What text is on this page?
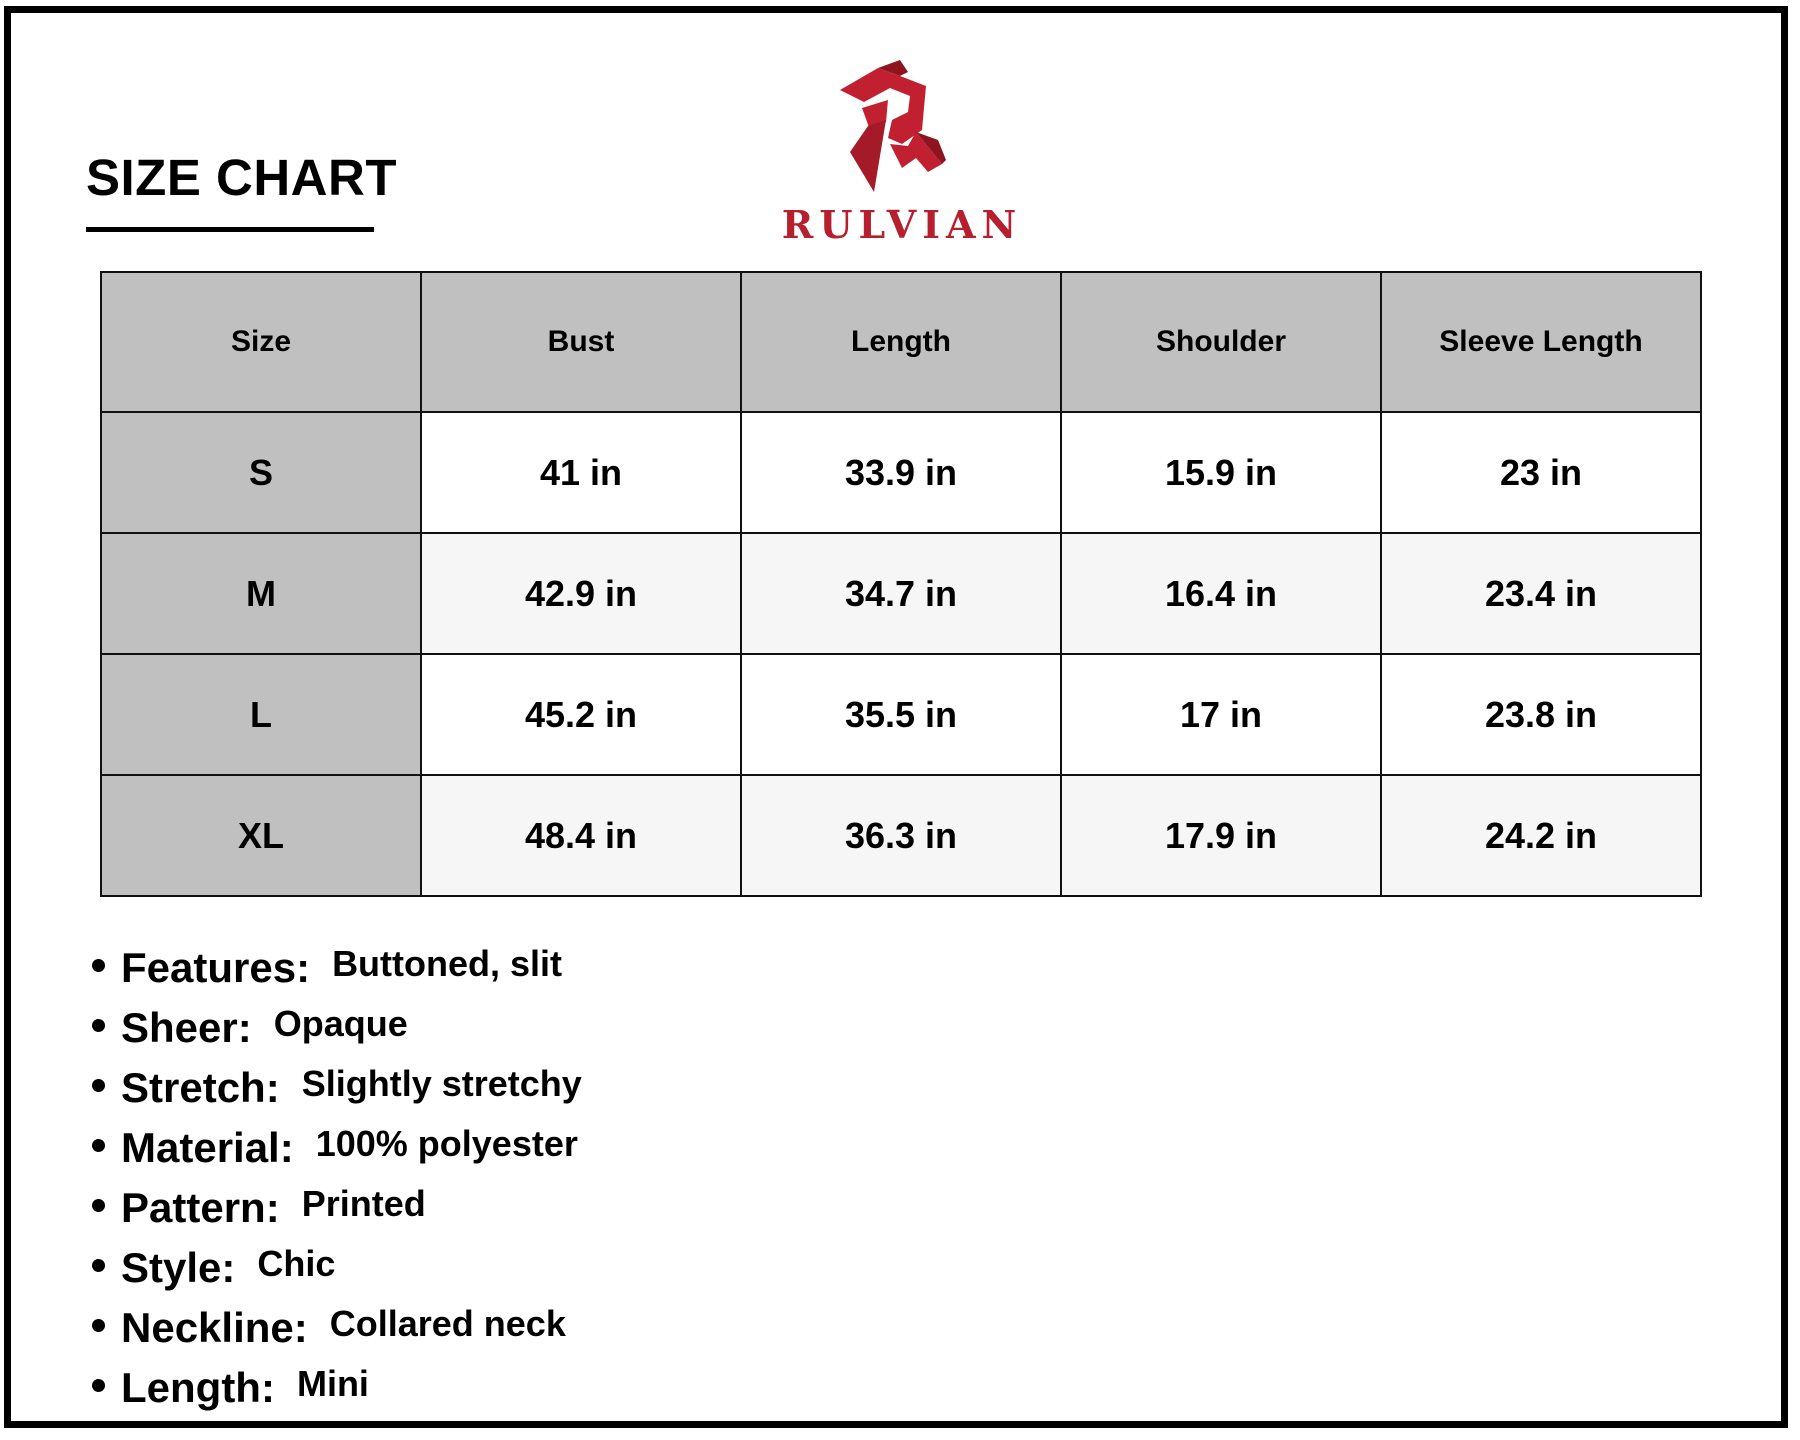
SIZE CHART
RULVIAN
Size	Bust	Length	Shoulder	Sleeve Length
S	41 in	33.9 in	15.9 in	23 in
M	42.9 in	34.7 in	16.4 in	23.4 in
L	45.2 in	35.5 in	17 in	23.8 in
XL	48.4 in	36.3 in	17.9 in	24.2 in
Features: Buttoned, slit
Sheer: Opaque
Stretch: Slightly stretchy
Material: 100% polyester
Pattern: Printed
Style: Chic
Neckline: Collared neck
Length: Mini
